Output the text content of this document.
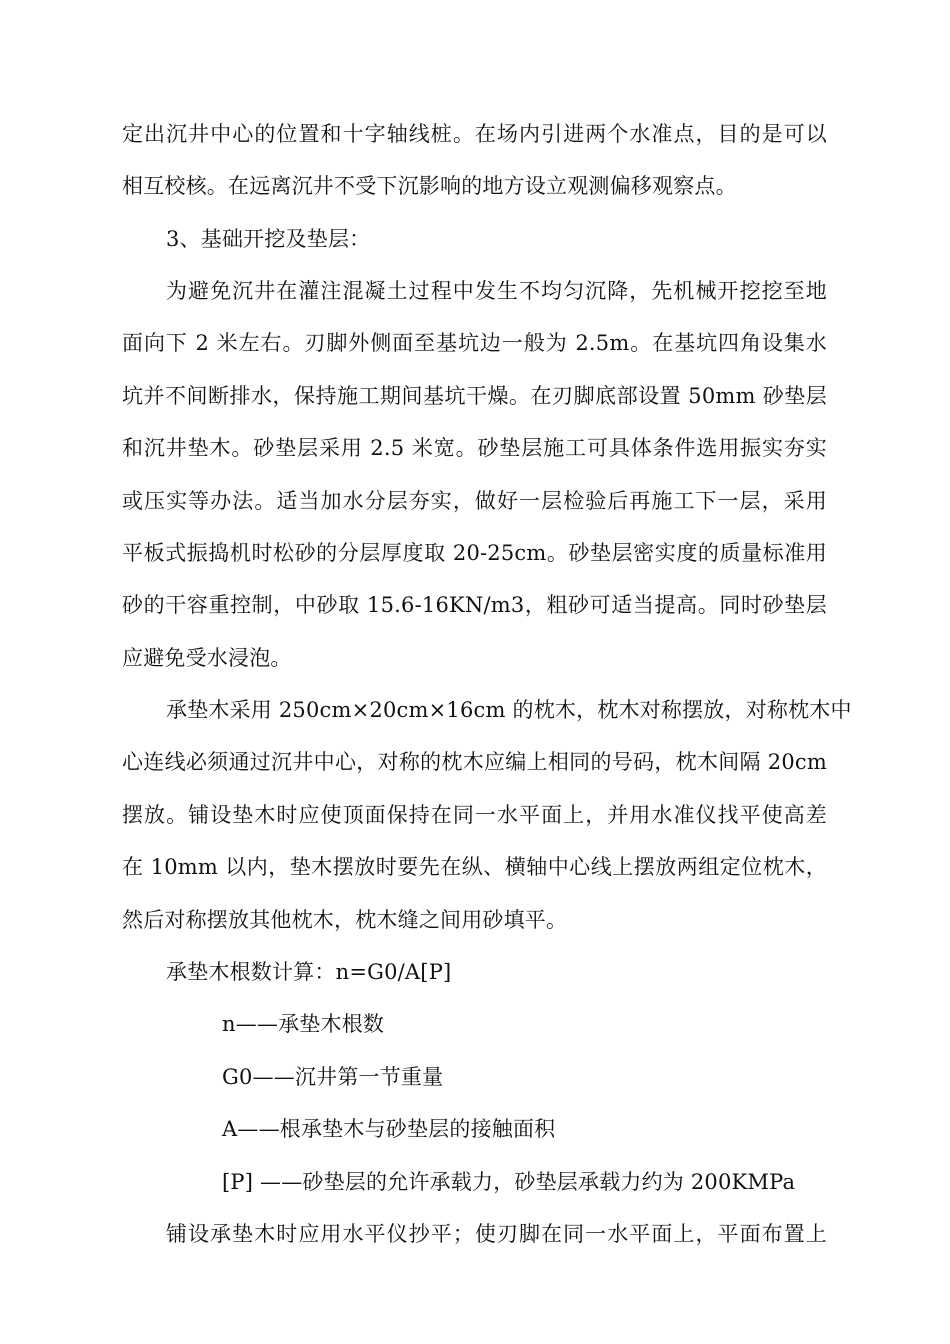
定出沉井中心的位置和十字轴线桩。在场内引进两个水准点，目的是可以
相互校核。在远离沉井不受下沉影响的地方设立观测偏移观察点。
3、基础开挖及垫层：
为避免沉井在灌注混凝土过程中发生不均匀沉降，先机械开挖挖至地
面向下 2 米左右。刃脚外侧面至基坑边一般为 2.5m。在基坑四角设集水
坑并不间断排水，保持施工期间基坑干燥。在刃脚底部设置 50mm 砂垫层
和沉井垫木。砂垫层采用 2.5 米宽。砂垫层施工可具体条件选用振实夯实
或压实等办法。适当加水分层夯实，做好一层检验后再施工下一层，采用
平板式振捣机时松砂的分层厚度取 20-25cm。砂垫层密实度的质量标准用
砂的干容重控制，中砂取 15.6-16KN/m3，粗砂可适当提高。同时砂垫层
应避免受水浸泡。
承垫木采用 250cm×20cm×16cm 的枕木，枕木对称摆放，对称枕木中
心连线必须通过沉井中心，对称的枕木应编上相同的号码，枕木间隔 20cm
摆放。铺设垫木时应使顶面保持在同一水平面上，并用水准仪找平使高差
在 10mm 以内，垫木摆放时要先在纵、横轴中心线上摆放两组定位枕木，
然后对称摆放其他枕木，枕木缝之间用砂填平。
承垫木根数计算：n=G0/A[P]
n——承垫木根数
G0——沉井第一节重量
A——根承垫木与砂垫层的接触面积
[P] ——砂垫层的允许承载力，砂垫层承载力约为 200KMPa
铺设承垫木时应用水平仪抄平；使刃脚在同一水平面上，平面布置上
